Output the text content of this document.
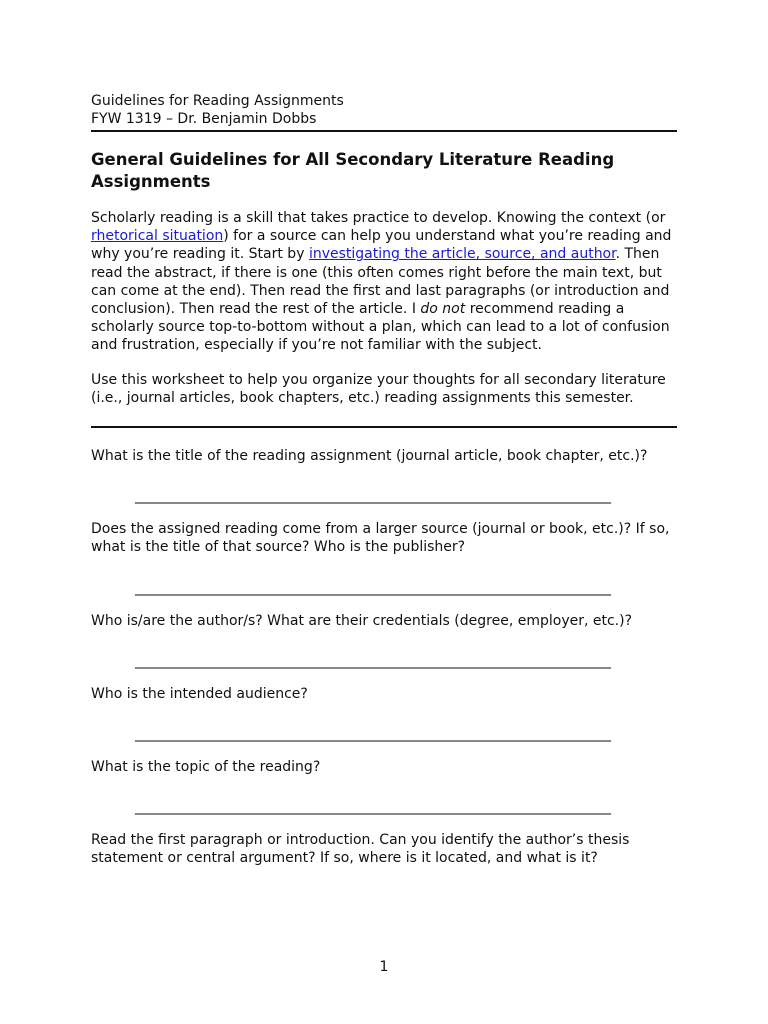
Guidelines for Reading Assignments

FYW 1319 – Dr. Benjamin Dobbs

General Guidelines for All Secondary Literature Reading Assignments

Scholarly reading is a skill that takes practice to develop. Knowing the context (or rhetorical situation) for a source can help you understand what you’re reading and why you’re reading it. Start by investigating the article, source, and author. Then read the abstract, if there is one (this often comes right before the main text, but can come at the end). Then read the first and last paragraphs (or introduction and conclusion). Then read the rest of the article. I do not recommend reading a scholarly source top-to-bottom without a plan, which can lead to a lot of confusion and frustration, especially if you’re not familiar with the subject.

Use this worksheet to help you organize your thoughts for all secondary literature (i.e., journal articles, book chapters, etc.) reading assignments this semester.

What is the title of the reading assignment (journal article, book chapter, etc.)?

____________________________________________________________________

Does the assigned reading come from a larger source (journal or book, etc.)? If so, what is the title of that source? Who is the publisher?

____________________________________________________________________

Who is/are the author/s? What are their credentials (degree, employer, etc.)?

____________________________________________________________________

Who is the intended audience?

____________________________________________________________________

What is the topic of the reading?

____________________________________________________________________

Read the first paragraph or introduction. Can you identify the author’s thesis statement or central argument? If so, where is it located, and what is it?

1
